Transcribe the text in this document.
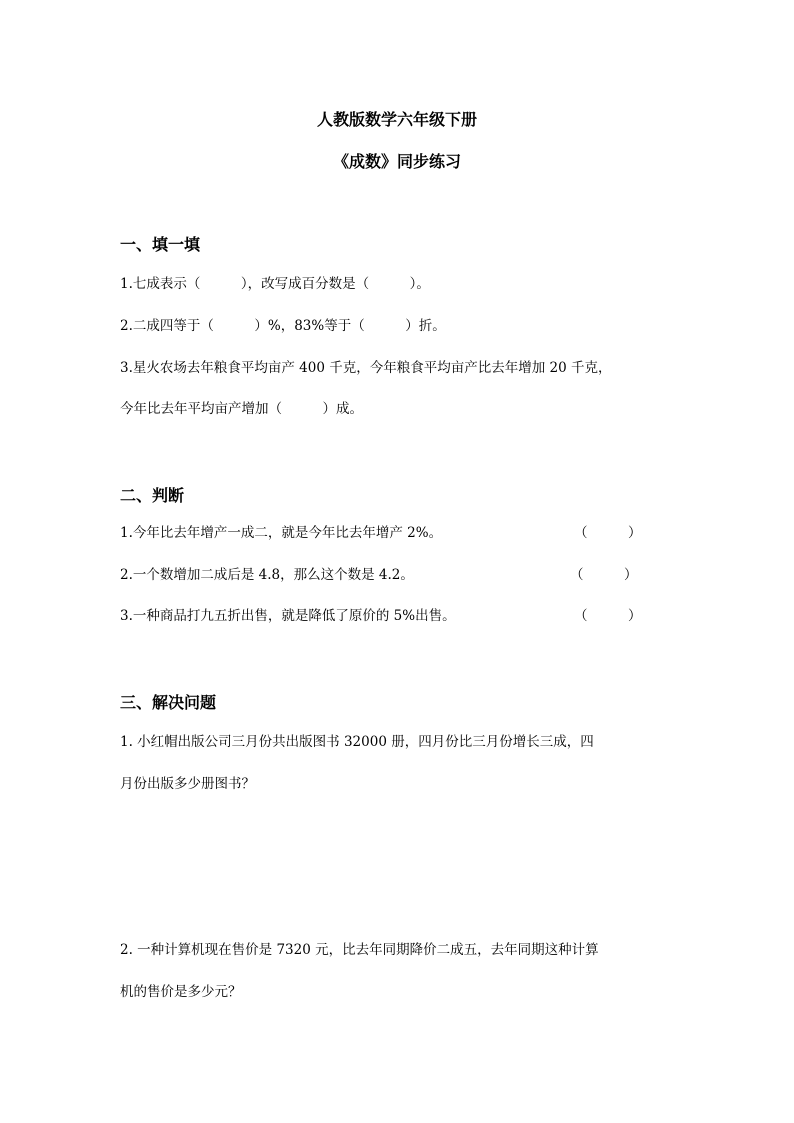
人教版数学六年级下册
《成数》同步练习
一、填一填
1.七成表示（　　　），改写成百分数是（　　　）。
2.二成四等于（　　　）%，83%等于（　　　）折。
3.星火农场去年粮食平均亩产 400 千克，今年粮食平均亩产比去年增加 20 千克，
今年比去年平均亩产增加（　　　）成。
二、判断
1.今年比去年增产一成二，就是今年比去年增产 2%。	（　　　）
2.一个数增加二成后是 4.8，那么这个数是 4.2。	（　　　）
3.一种商品打九五折出售，就是降低了原价的 5%出售。	（　　　）
三、解决问题
1. 小红帽出版公司三月份共出版图书 32000 册，四月份比三月份增长三成，四
月份出版多少册图书？
2. 一种计算机现在售价是 7320 元，比去年同期降价二成五，去年同期这种计算
机的售价是多少元？
